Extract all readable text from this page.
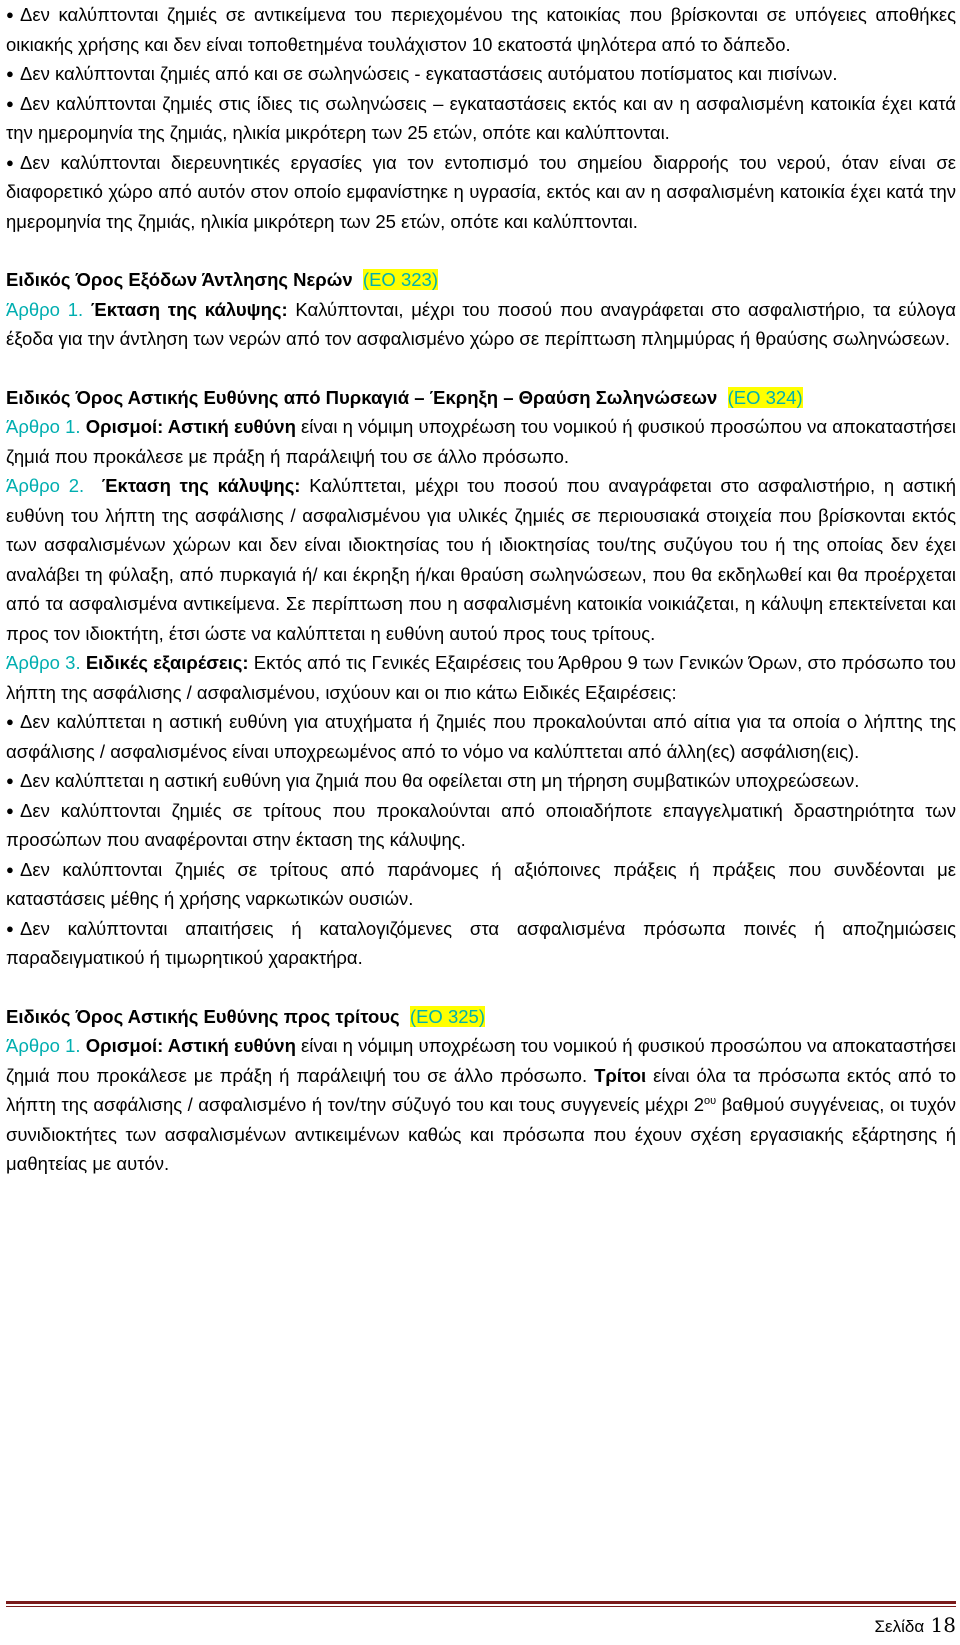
● Δεν καλύπτονται ζημιές σε αντικείμενα του περιεχομένου της κατοικίας που βρίσκονται σε υπόγειες αποθήκες οικιακής χρήσης και δεν είναι τοποθετημένα τουλάχιστον 10 εκατοστά ψηλότερα από το δάπεδο.

● Δεν καλύπτονται ζημιές από και σε σωληνώσεις - εγκαταστάσεις αυτόματου ποτίσματος και πισίνων.

● Δεν καλύπτονται ζημιές στις ίδιες τις σωληνώσεις – εγκαταστάσεις εκτός και αν η ασφαλισμένη κατοικία έχει κατά την ημερομηνία της ζημιάς, ηλικία μικρότερη των 25 ετών, οπότε και καλύπτονται.

● Δεν καλύπτονται διερευνητικές εργασίες για τον εντοπισμό του σημείου διαρροής του νερού, όταν είναι σε διαφορετικό χώρο από αυτόν στον οποίο εμφανίστηκε η υγρασία, εκτός και αν η ασφαλισμένη κατοικία έχει κατά την ημερομηνία της ζημιάς, ηλικία μικρότερη των 25 ετών, οπότε και καλύπτονται.

Ειδικός Όρος Εξόδων Άντλησης Νερών (ΕΟ 323)

Άρθρο 1. Έκταση της κάλυψης: Καλύπτονται, μέχρι του ποσού που αναγράφεται στο ασφαλιστήριο, τα εύλογα έξοδα για την άντληση των νερών από τον ασφαλισμένο χώρο σε περίπτωση πλημμύρας ή θραύσης σωληνώσεων.

Ειδικός Όρος Αστικής Ευθύνης από Πυρκαγιά – Έκρηξη – Θραύση Σωληνώσεων (ΕΟ 324)

Άρθρο 1. Ορισμοί: Αστική ευθύνη είναι η νόμιμη υποχρέωση του νομικού ή φυσικού προσώπου να αποκαταστήσει ζημιά που προκάλεσε με πράξη ή παράλειψή του σε άλλο πρόσωπο.

Άρθρο 2. Έκταση της κάλυψης: Καλύπτεται, μέχρι του ποσού που αναγράφεται στο ασφαλιστήριο, η αστική ευθύνη του λήπτη της ασφάλισης / ασφαλισμένου για υλικές ζημιές σε περιουσιακά στοιχεία που βρίσκονται εκτός των ασφαλισμένων χώρων και δεν είναι ιδιοκτησίας του ή ιδιοκτησίας του/της συζύγου του ή της οποίας δεν έχει αναλάβει τη φύλαξη, από πυρκαγιά ή/ και έκρηξη ή/και θραύση σωληνώσεων, που θα εκδηλωθεί και θα προέρχεται από τα ασφαλισμένα αντικείμενα. Σε περίπτωση που η ασφαλισμένη κατοικία νοικιάζεται, η κάλυψη επεκτείνεται και προς τον ιδιοκτήτη, έτσι ώστε να καλύπτεται η ευθύνη αυτού προς τους τρίτους.

Άρθρο 3. Ειδικές εξαιρέσεις: Εκτός από τις Γενικές Εξαιρέσεις του Άρθρου 9 των Γενικών Όρων, στο πρόσωπο του λήπτη της ασφάλισης / ασφαλισμένου, ισχύουν και οι πιο κάτω Ειδικές Εξαιρέσεις:

● Δεν καλύπτεται η αστική ευθύνη για ατυχήματα ή ζημιές που προκαλούνται από αίτια για τα οποία ο λήπτης της ασφάλισης / ασφαλισμένος είναι υποχρεωμένος από το νόμο να καλύπτεται από άλλη(ες) ασφάλιση(εις).

● Δεν καλύπτεται η αστική ευθύνη για ζημιά που θα οφείλεται στη μη τήρηση συμβατικών υποχρεώσεων.

● Δεν καλύπτονται ζημιές σε τρίτους που προκαλούνται από οποιαδήποτε επαγγελματική δραστηριότητα των προσώπων που αναφέρονται στην έκταση της κάλυψης.

● Δεν καλύπτονται ζημιές σε τρίτους από παράνομες ή αξιόποινες πράξεις ή πράξεις που συνδέονται με καταστάσεις μέθης ή χρήσης ναρκωτικών ουσιών.

● Δεν καλύπτονται απαιτήσεις ή καταλογιζόμενες στα ασφαλισμένα πρόσωπα ποινές ή αποζημιώσεις παραδειγματικού ή τιμωρητικού χαρακτήρα.

Ειδικός Όρος Αστικής Ευθύνης προς τρίτους (ΕΟ 325)

Άρθρο 1. Ορισμοί: Αστική ευθύνη είναι η νόμιμη υποχρέωση του νομικού ή φυσικού προσώπου να αποκαταστήσει ζημιά που προκάλεσε με πράξη ή παράλειψή του σε άλλο πρόσωπο. Τρίτοι είναι όλα τα πρόσωπα εκτός από το λήπτη της ασφάλισης / ασφαλισμένο ή τον/την σύζυγό του και τους συγγενείς μέχρι $2^{o\upsilon}$ βαθμού συγγένειας, οι τυχόν συνιδιοκτήτες των ασφαλισμένων αντικειμένων καθώς και πρόσωπα που έχουν σχέση εργασιακής εξάρτησης ή μαθητείας με αυτόν.

Σελίδα 18
